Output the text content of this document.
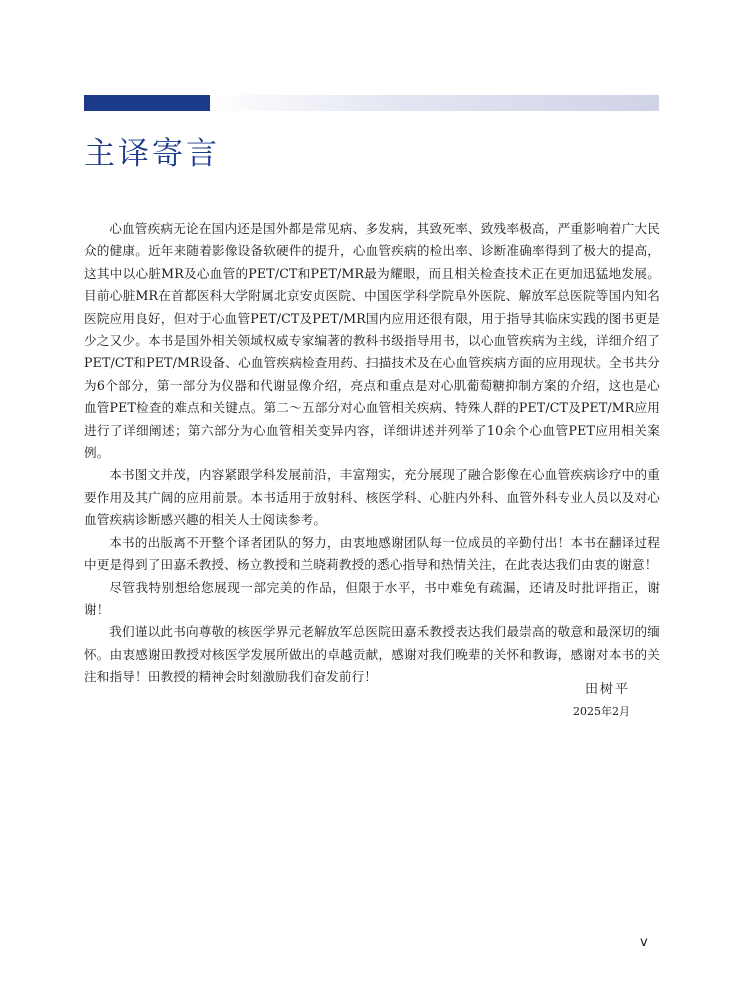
主译寄言

心血管疾病无论在国内还是国外都是常见病、多发病，其致死率、致残率极高，严重影响着广大民众的健康。近年来随着影像设备软硬件的提升，心血管疾病的检出率、诊断准确率得到了极大的提高，这其中以心脏MR及心血管的PET/CT和PET/MR最为耀眼，而且相关检查技术正在更加迅猛地发展。目前心脏MR在首都医科大学附属北京安贞医院、中国医学科学院阜外医院、解放军总医院等国内知名医院应用良好，但对于心血管PET/CT及PET/MR国内应用还很有限，用于指导其临床实践的图书更是少之又少。本书是国外相关领域权威专家编著的教科书级指导用书，以心血管疾病为主线，详细介绍了PET/CT和PET/MR设备、心血管疾病检查用药、扫描技术及在心血管疾病方面的应用现状。全书共分为6个部分，第一部分为仪器和代谢显像介绍，亮点和重点是对心肌葡萄糖抑制方案的介绍，这也是心血管PET检查的难点和关键点。第二～五部分对心血管相关疾病、特殊人群的PET/CT及PET/MR应用进行了详细阐述；第六部分为心血管相关变异内容，详细讲述并列举了10余个心血管PET应用相关案例。

本书图文并茂，内容紧跟学科发展前沿，丰富翔实，充分展现了融合影像在心血管疾病诊疗中的重要作用及其广阔的应用前景。本书适用于放射科、核医学科、心脏内外科、血管外科专业人员以及对心血管疾病诊断感兴趣的相关人士阅读参考。

本书的出版离不开整个译者团队的努力，由衷地感谢团队每一位成员的辛勤付出！本书在翻译过程中更是得到了田嘉禾教授、杨立教授和兰晓莉教授的悉心指导和热情关注，在此表达我们由衷的谢意！

尽管我特别想给您展现一部完美的作品，但限于水平，书中难免有疏漏，还请及时批评指正，谢谢！

我们谨以此书向尊敬的核医学界元老解放军总医院田嘉禾教授表达我们最崇高的敬意和最深切的缅怀。由衷感谢田教授对核医学发展所做出的卓越贡献，感谢对我们晚辈的关怀和教诲，感谢对本书的关注和指导！田教授的精神会时刻激励我们奋发前行！

田树平
2025年2月
v
